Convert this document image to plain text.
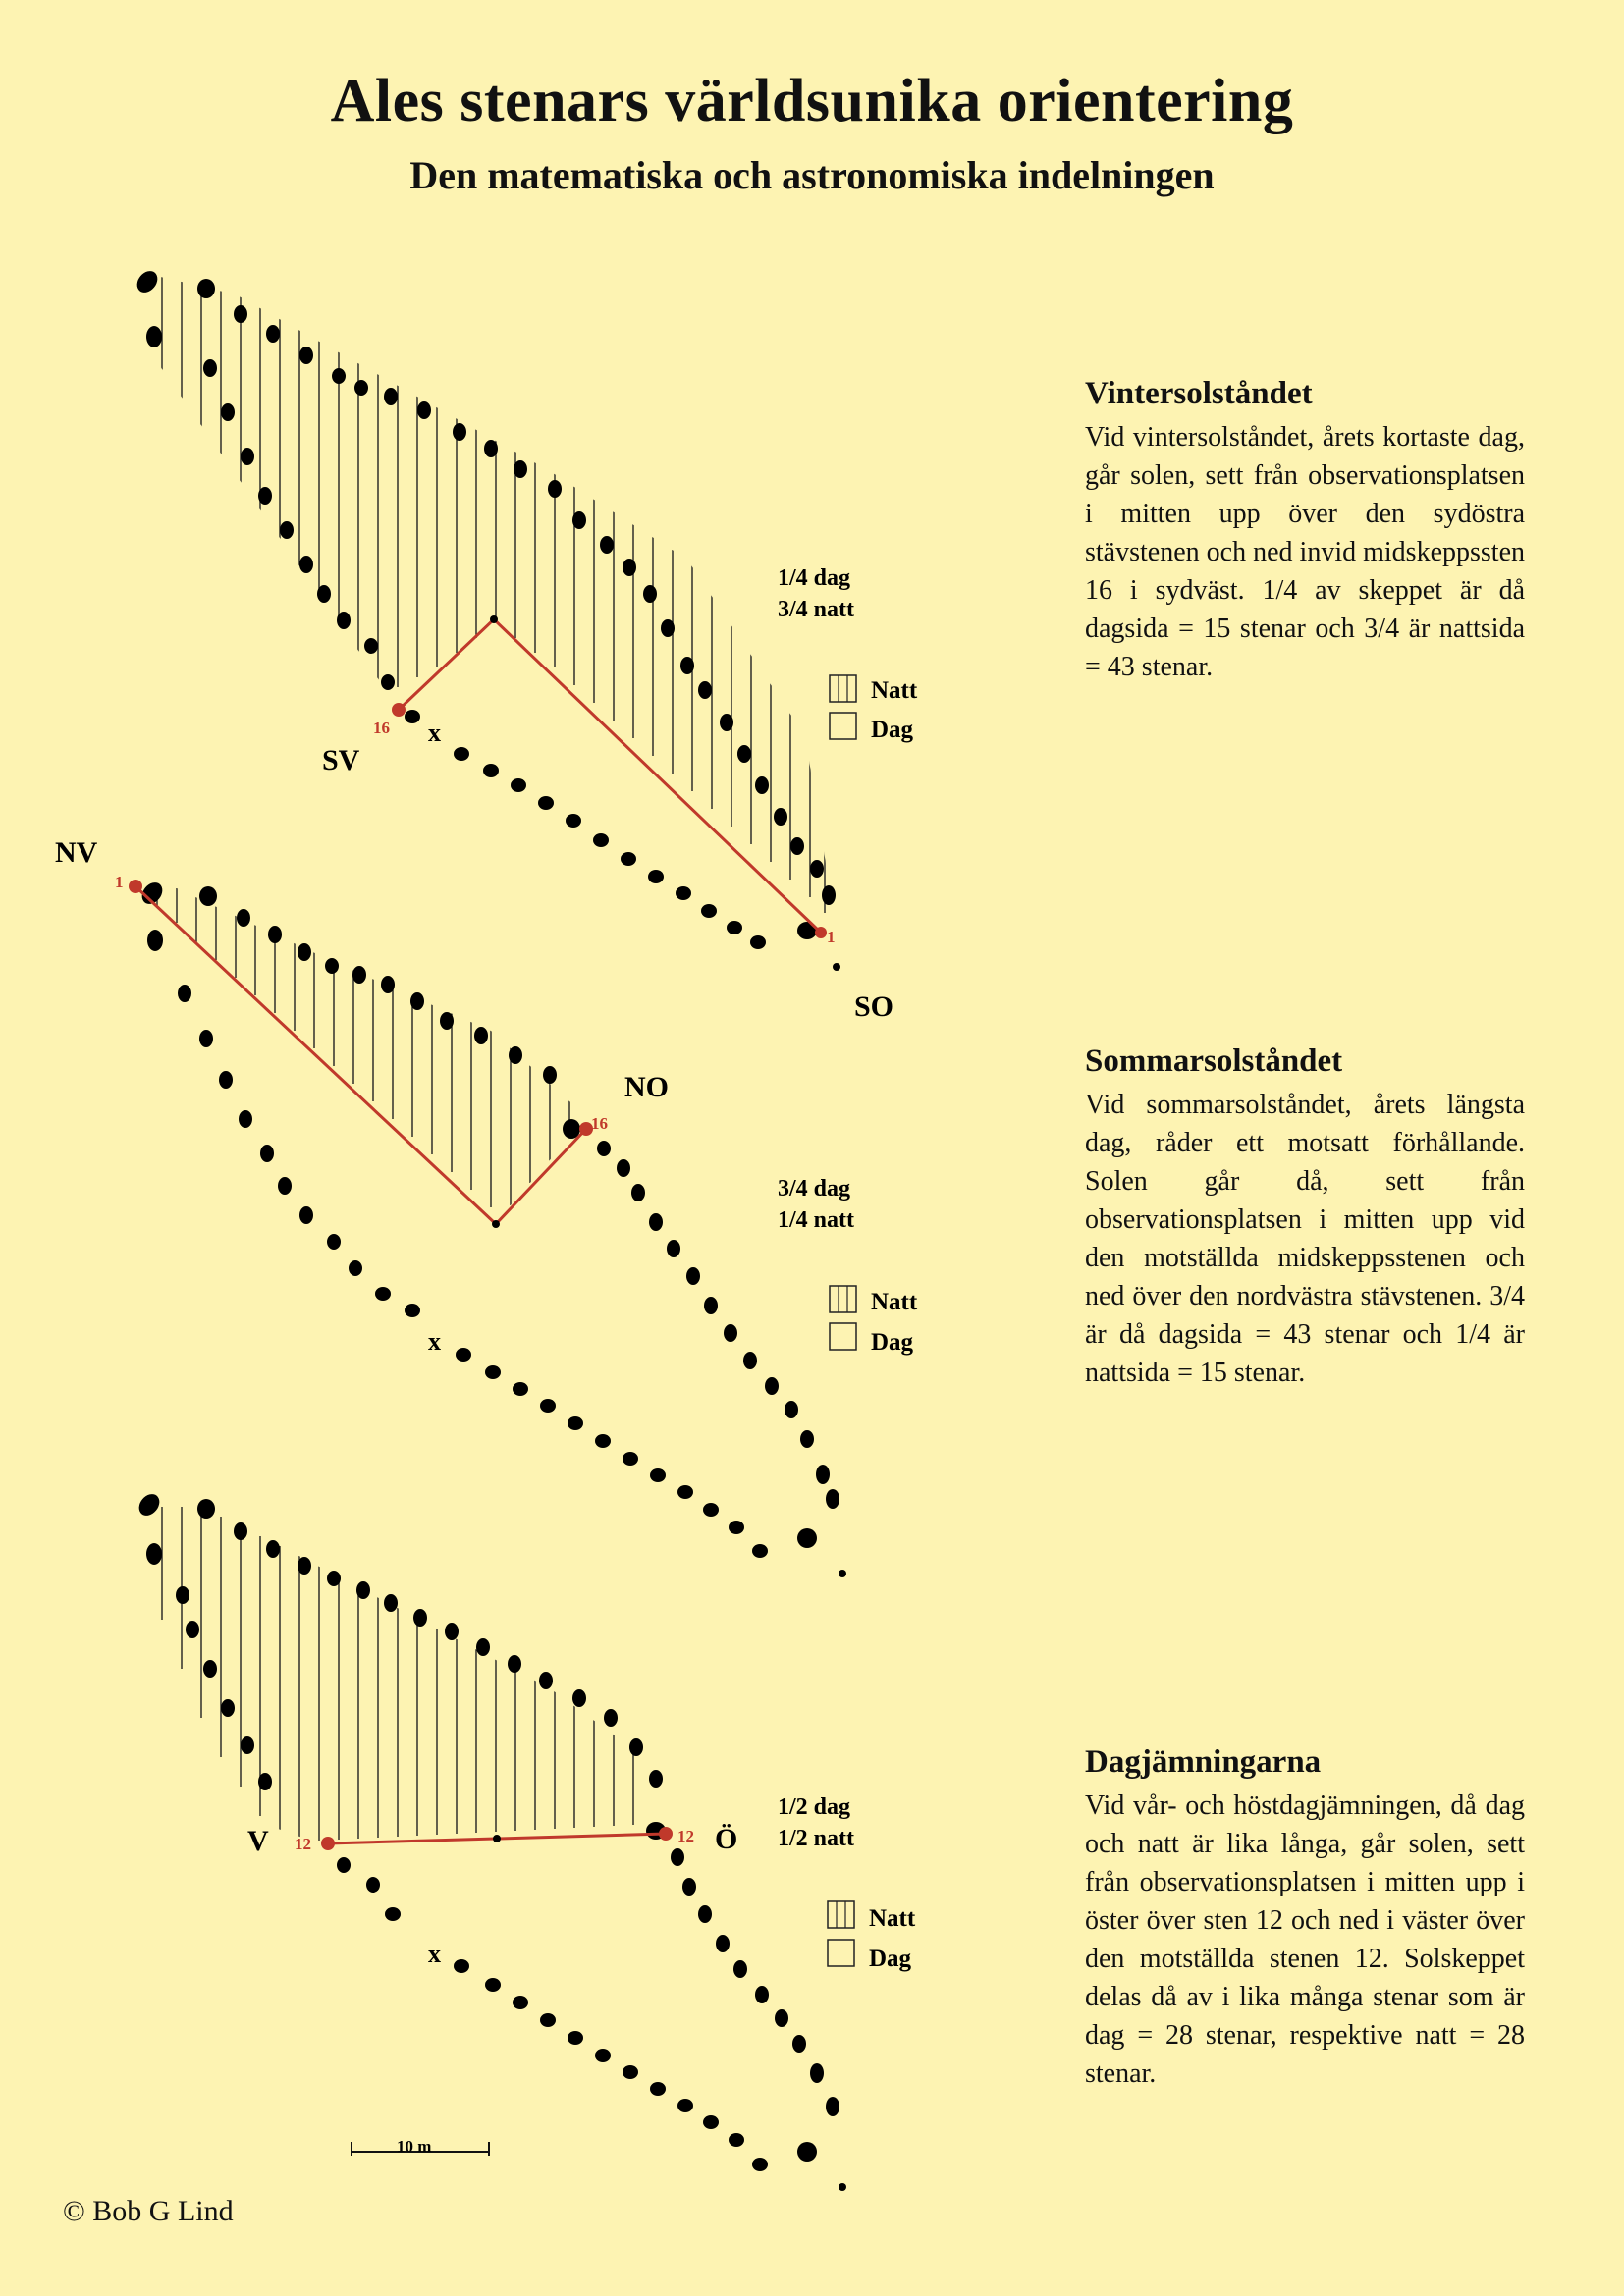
Ales stenars världsunika orientering
Den matematiska och astronomiska indelningen
16
1
SV
SO
x
1/4 dag
3/4 natt
Natt
Dag
1
16
NV
NO
x
3/4 dag
1/4 natt
Natt
Dag
12	12
V	Ö
x
1/2 dag
1/2 natt
Natt
Dag
10 m
Vintersolståndet

Vid vintersolståndet, årets kortaste dag, går solen, sett från observationsplatsen i mitten upp över den sydöstra stävstenen och ned invid midskeppssten 16 i sydväst. 1/4 av skeppet är då dagsida = 15 stenar och 3/4 är nattsida = 43 stenar.

Sommarsolståndet

Vid sommarsolståndet, årets längsta dag, råder ett motsatt förhållande. Solen går då, sett från observationsplatsen i mitten upp vid den motställda midskeppsstenen och ned över den nordvästra stävstenen. 3/4 är då dagsida = 43 stenar och 1/4 är nattsida = 15 stenar.

Dagjämningarna

Vid vår- och höstdagjämningen, då dag och natt är lika långa, går solen, sett från observationsplatsen i mitten upp i öster över sten 12 och ned i väster över den motställda stenen 12. Solskeppet delas då av i lika många stenar som är dag = 28 stenar, respektive natt = 28 stenar.

© Bob G Lind
